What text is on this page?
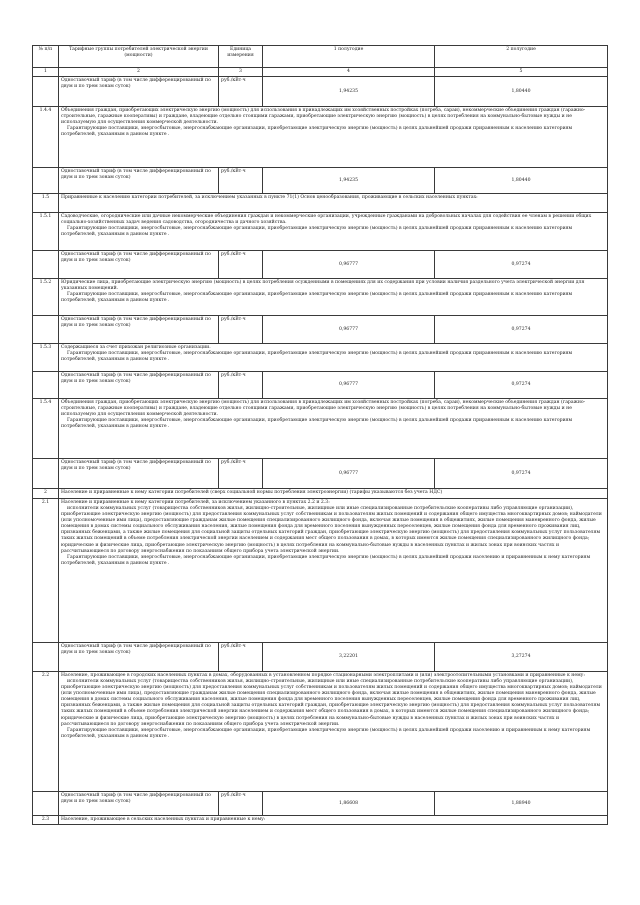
№ п/п	Тарифные группы потребителей электрической энергии (мощности)	Единица измерения	1 полугодие	2 полугодие
1	2	3	4	5
	Одноставочный тариф (в том числе дифференцированный по двум и по трем зонам суток)	руб./кВт·ч	1,94235	1,80440
1.4.4	Объединения граждан, приобретающих электрическую энергию (мощность) для использования в принадлежащих им хозяйственных постройках (погреба, сараи), некоммерческие объединения граждан (гаражно-строительные, гаражные кооперативы) и граждане, владеющие отдельно стоящими гаражами, приобретающие электрическую энергию (мощность) в целях потребления на коммунально-бытовые нужды и не используемую для осуществления коммерческой деятельности.
Гарантирующие поставщики, энергосбытовые, энергоснабжающие организации, приобретающие электрическую энергию (мощность) в целях дальнейшей продажи приравненным к населению категориям потребителей, указанным в данном пункте .			

	Одноставочный тариф (в том числе дифференцированный по двум и по трем зонам суток)	руб./кВт·ч	1,94235	1,80440
1.5	Приравненные к населению категории потребителей, за исключением указанных в пункте 71(1) Основ ценообразования, проживающие в сельских населенных пунктах:			

1.5.1	Садоводческие, огороднические или дачные некоммерческие объединения граждан и некоммерческие организации, учрежденные гражданами на добровольных началах для содействия ее членам в решении общих социально-хозяйственных задач ведения садоводства, огородничества и дачного хозяйства.
Гарантирующие поставщики, энергосбытовые, энергоснабжающие организации, приобретающие электрическую энергию (мощность) в целях дальнейшей продажи приравненным к населению категориям потребителей, указанным в данном пункте .			

	Одноставочный тариф (в том числе дифференцированный по двум и по трем зонам суток)	руб./кВт·ч	0,96777	0,97274
1.5.2	Юридические лица, приобретающие электрическую энергию (мощность) в целях потребления осужденными в помещениях для их содержания при условии наличия раздельного учета электрической энергии для указанных помещений.
Гарантирующие поставщики, энергосбытовые, энергоснабжающие организации, приобретающие электрическую энергию (мощность) в целях дальнейшей продажи приравненным к населению категориям потребителей, указанным в данном пункте .			

	Одноставочный тариф (в том числе дифференцированный по двум и по трем зонам суток)	руб./кВт·ч	0,96777	0,97274
1.5.3	Содержащиеся за счет прихожан религиозные организации.
Гарантирующие поставщики, энергосбытовые, энергоснабжающие организации, приобретающие электрическую энергию (мощность) в целях дальнейшей продажи приравненным к населению категориям потребителей, указанным в данном пункте .			

	Одноставочный тариф (в том числе дифференцированный по двум и по трем зонам суток)	руб./кВт·ч	0,96777	0,97274
1.5.4	Объединения граждан, приобретающих электрическую энергию (мощность) для использования в принадлежащих им хозяйственных постройках (погреба, сараи), некоммерческие объединения граждан (гаражно-строительные, гаражные кооперативы) и граждане, владеющие отдельно стоящими гаражами, приобретающие электрическую энергию (мощность) в целях потребления на коммунально-бытовые нужды и не используемую для осуществления коммерческой деятельности.
Гарантирующие поставщики, энергосбытовые, энергоснабжающие организации, приобретающие электрическую энергию (мощность) в целях дальнейшей продажи приравненным к населению категориям потребителей, указанным в данном пункте .			

	Одноставочный тариф (в том числе дифференцированный по двум и по трем зонам суток)	руб./кВт·ч	0,96777	0,97274
2	Население и приравненные к нему категории потребителей (сверх социальной нормы потребления электроэнергии) (тарифы указываются без учета НДС)			

2.1	Население и приравненные к нему категории потребителей, за исключением указанного в пунктах 2.2 и 2.3:
исполнители коммунальных услуг (товарищества собственников жилья, жилищно-строительные, жилищные или иные специализированные потребительские кооперативы либо управляющие организации), приобретающие электрическую энергию (мощность) для предоставления коммунальных услуг собственникам и пользователям жилых помещений и содержания общего имущества многоквартирных домов; наймодатели (или уполномоченные ими лица), предоставляющие гражданам жилые помещения специализированного жилищного фонда, включая жилые помещения в общежитиях, жилые помещения маневренного фонда, жилые помещения в домах системы социального обслуживания населения, жилые помещения фонда для временного поселения вынужденных переселенцев, жилые помещения фонда для временного проживания лиц, признанных беженцами, а также жилые помещения для социальной защиты отдельных категорий граждан, приобретающие электрическую энергию (мощность) для предоставления коммунальных услуг пользователям таких жилых помещений в объеме потребления электрической энергии населением и содержания мест общего пользования в домах, в которых имеются жилые помещения специализированного жилищного фонда; юридические и физические лица, приобретающие электрическую энергию (мощность) в целях потребления на коммунально-бытовые нужды в населенных пунктах и жилых зонах при воинских частях и рассчитывающиеся по договору энергоснабжения по показаниям общего прибора учета электрической энергии.
Гарантирующие поставщики, энергосбытовые, энергоснабжающие организации, приобретающие электрическую энергию (мощность) в целях дальнейшей продажи населению и приравненным к нему категориям потребителей, указанным в данном пункте .			

	Одноставочный тариф (в том числе дифференцированный по двум и по трем зонам суток)	руб./кВт·ч	3,22201	3,27274
2.2	Население, проживающее в городских населенных пунктах в домах, оборудованных в установленном порядке стационарными электроплитами и (или) электроотопительными установками и приравненные к нему:
исполнители коммунальных услуг (товарищества собственников жилья, жилищно-строительные, жилищные или иные специализированные потребительские кооперативы либо управляющие организации), приобретающие электрическую энергию (мощность) для предоставления коммунальных услуг собственникам и пользователям жилых помещений и содержания общего имущества многоквартирных домов; наймодатели (или уполномоченные ими лица), предоставляющие гражданам жилые помещения специализированного жилищного фонда, включая жилые помещения в общежитиях, жилые помещения маневренного фонда, жилые помещения в домах системы социального обслуживания населения, жилые помещения фонда для временного поселения вынужденных переселенцев, жилые помещения фонда для временного проживания лиц, признанных беженцами, а также жилые помещения для социальной защиты отдельных категорий граждан, приобретающие электрическую энергию (мощность) для предоставления коммунальных услуг пользователям таких жилых помещений в объеме потребления электрической энергии населением и содержания мест общего пользования в домах, в которых имеются жилые помещения специализированного жилищного фонда; юридические и физические лица, приобретающие электрическую энергию (мощность) в целях потребления на коммунально-бытовые нужды в населенных пунктах и жилых зонах при воинских частях и рассчитывающиеся по договору энергоснабжения по показаниям общего прибора учета электрической энергии.
Гарантирующие поставщики, энергосбытовые, энергоснабжающие организации, приобретающие электрическую энергию (мощность) в целях дальнейшей продажи населению и приравненным к нему категориям потребителей, указанным в данном пункте .			

	Одноставочный тариф (в том числе дифференцированный по двум и по трем зонам суток)	руб./кВт·ч	1,86608	1,88940
2.3	Население, проживающее в сельских населенных пунктах и приравненные к нему:			
